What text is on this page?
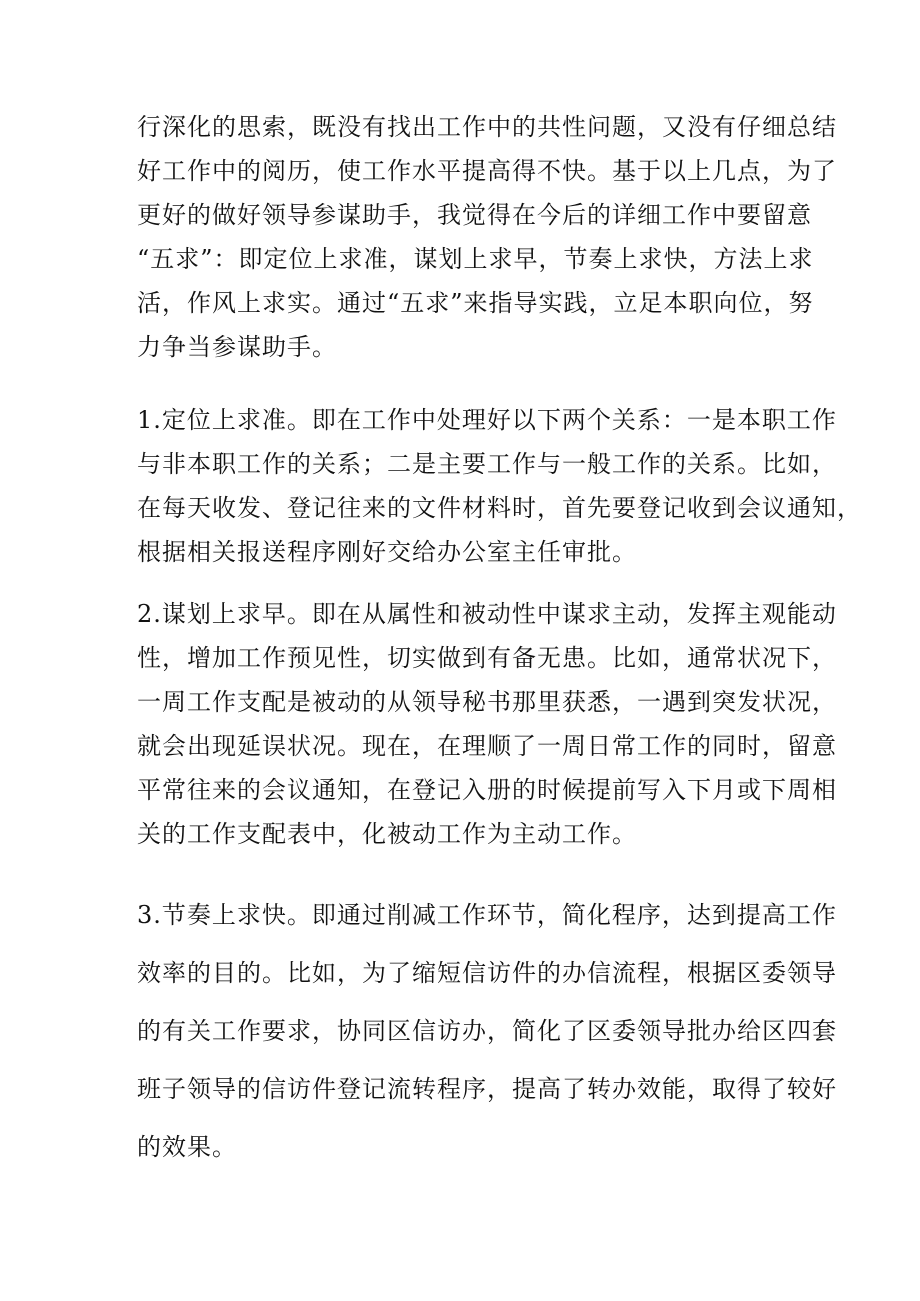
行深化的思索，既没有找出工作中的共性问题，又没有仔细总结
好工作中的阅历，使工作水平提高得不快。基于以上几点，为了
更好的做好领导参谋助手，我觉得在今后的详细工作中要留意
“五求”：即定位上求准，谋划上求早，节奏上求快，方法上求
活，作风上求实。通过“五求”来指导实践，立足本职向位，努
力争当参谋助手。
1.定位上求准。即在工作中处理好以下两个关系：一是本职工作
与非本职工作的关系；二是主要工作与一般工作的关系。比如，
在每天收发、登记往来的文件材料时，首先要登记收到会议通知，
根据相关报送程序刚好交给办公室主任审批。
2.谋划上求早。即在从属性和被动性中谋求主动，发挥主观能动
性，增加工作预见性，切实做到有备无患。比如，通常状况下，
一周工作支配是被动的从领导秘书那里获悉，一遇到突发状况，
就会出现延误状况。现在，在理顺了一周日常工作的同时，留意
平常往来的会议通知，在登记入册的时候提前写入下月或下周相
关的工作支配表中，化被动工作为主动工作。
3.节奏上求快。即通过削减工作环节，简化程序，达到提高工作
效率的目的。比如，为了缩短信访件的办信流程，根据区委领导
的有关工作要求，协同区信访办，简化了区委领导批办给区四套
班子领导的信访件登记流转程序，提高了转办效能，取得了较好
的效果。
